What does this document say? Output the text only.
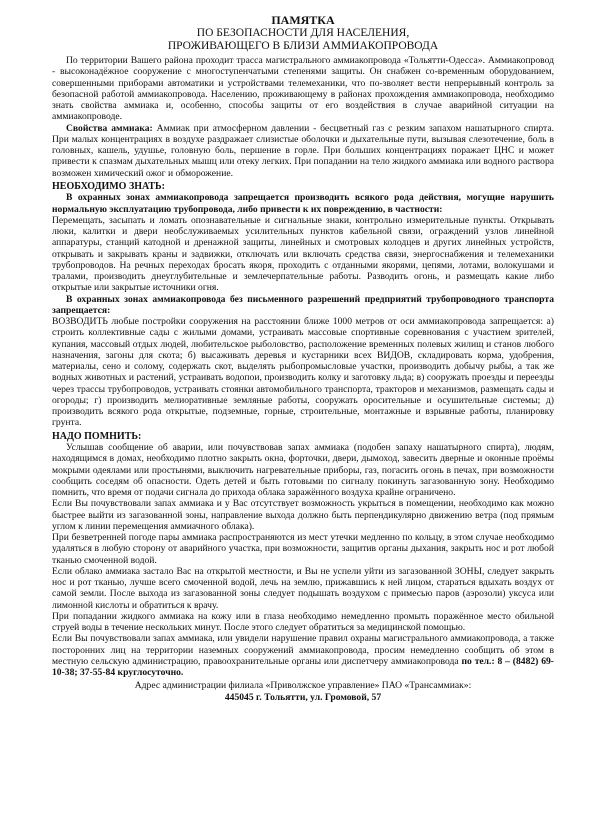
ПАМЯТКА
ПО БЕЗОПАСНОСТИ ДЛЯ НАСЕЛЕНИЯ,
ПРОЖИВАЮЩЕГО В БЛИЗИ АММИАКОПРОВОДА

По территории Вашего района проходит трасса магистрального аммиакопровода «Тольятти-Одесса». Аммиакопровод - высоконадёжное сооружение с многоступенчатыми степенями защиты. Он снабжен со-временным оборудованием, совершенными приборами автоматики и устройствами телемеханики, что по-зволяет вести непрерывный контроль за безопасной работой аммиакопровода. Населению, проживающему в районах прохождения аммиакопровода, необходимо знать свойства аммиака и, особенно, способы защиты от его воздействия в случае аварийной ситуации на аммиакопроводе.

Свойства аммиака: Аммиак при атмосферном давлении - бесцветный газ с резким запахом нашатырного спирта. При малых концентрациях в воздухе раздражает слизистые оболочки и дыхательные пути, вызывая слезотечение, боль в головных, кашель, удушье, головную боль, першение в горле. При больших концентрациях поражает ЦНС и может привести к спазмам дыхательных мышц или отеку легких. При попадании на тело жидкого аммиака или водного раствора возможен химический ожог и обморожение.

НЕОБХОДИМО ЗНАТЬ:

В охранных зонах аммиакопровода запрещается производить всякого рода действия, могущие нарушить нормальную эксплуатацию трубопровода, либо привести к их повреждению, в частности:

Перемещать, засыпать и ломать опознавательные и сигнальные знаки, контрольно измерительные пункты. Открывать люки, калитки и двери необслуживаемых усилительных пунктов кабельной связи, ограждений узлов линейной аппаратуры, станций катодной и дренажной защиты, линейных и смотровых колодцев и других линейных устройств, открывать и закрывать краны и задвижки, отключать или включать средства связи, энергоснабжения и телемеханики трубопроводов. На речных переходах бросать якоря, проходить с отданными якорями, цепями, лотами, волокушами и тралами, производить днеуглубительные и землечерпательные работы. Разводить огонь, и размещать какие либо открытые или закрытые источники огня.

В охранных зонах аммиакопровода без письменного разрешений предприятий трубопроводного транспорта запрещается:

ВОЗВОДИТЬ любые постройки сооружения на расстоянии ближе 1000 метров от оси аммиакопровода запрещается: а) строить коллективные сады с жилыми домами, устраивать массовые спортивные соревнования с участием зрителей, купания, массовый отдых людей, любительское рыболовство, расположение временных полевых жилищ и станов любого назначения, загоны для скота; б) высаживать деревья и кустарники всех ВИДОВ, складировать корма, удобрения, материалы, сено и солому, содержать скот, выделять рыбопромысловые участки, производить добычу рыбы, а так же водных животных и растений, устраивать водопои, производить колку и заготовку льда; в) сооружать проезды и переезды через трассы трубопроводов, устраивать стоянки автомобильного транспорта, тракторов и механизмов, размещать сады и огороды; г) производить мелиоративные земляные работы, сооружать оросительные и осушительные системы; д) производить всякого рода открытые, подземные, горные, строительные, монтажные и взрывные работы, планировку грунта.

НАДО ПОМНИТЬ:

Услышав сообщение об аварии, или почувствовав запах аммиака (подобен запаху нашатырного спирта), людям, находящимся в домах, необходимо плотно закрыть окна, форточки, двери, дымоход, завесить дверные и оконные проёмы мокрыми одеялами или простынями, выключить нагревательные приборы, газ, погасить огонь в печах, при возможности сообщить соседям об опасности. Одеть детей и быть готовыми по сигналу покинуть загазованную зону. Необходимо помнить, что время от подачи сигнала до прихода облака заражённого воздуха крайне ограничено.

Если Вы почувствовали запах аммиака и у Вас отсутствует возможность укрыться в помещении, необходимо как можно быстрее выйти из загазованной зоны, направление выхода должно быть перпендикулярно движению ветра (под прямым углом к линии перемещения аммиачного облака).

При безветренней погоде пары аммиака распространяются из мест утечки медленно по кольцу, в этом случае необходимо удаляться в любую сторону от аварийного участка, при возможности, защитив органы дыхания, закрыть нос и рот любой тканью смоченной водой.

Если облако аммиака застало Вас на открытой местности, и Вы не успели уйти из загазованной ЗОНЫ, следует закрыть нос и рот тканью, лучше всего смоченной водой, лечь на землю, прижавшись к ней лицом, стараться вдыхать воздух от самой земли. После выхода из загазованной зоны следует подышать воздухом с примесью паров (аэрозоли) уксуса или лимонной кислоты и обратиться к врачу.

При попадании жидкого аммиака на кожу или в глаза необходимо немедленно промыть поражённое место обильной струей воды в течение нескольких минут. После этого следует обратиться за медицинской помощью.

Если Вы почувствовали запах аммиака, или увидели нарушение правил охраны магистрального аммиакопровода, а также посторонних лиц на территории наземных сооружений аммиакопровода, просим немедленно сообщить об этом в местную сельскую администрацию, правоохранительные органы или диспетчеру аммиакопровода по тел.: 8 – (8482) 69-10-38; 37-55-84 круглосуточно.

Адрес администрации филиала «Приволжское управление» ПАО «Трансаммиак»:

445045 г. Тольятти, ул. Громовой, 57
